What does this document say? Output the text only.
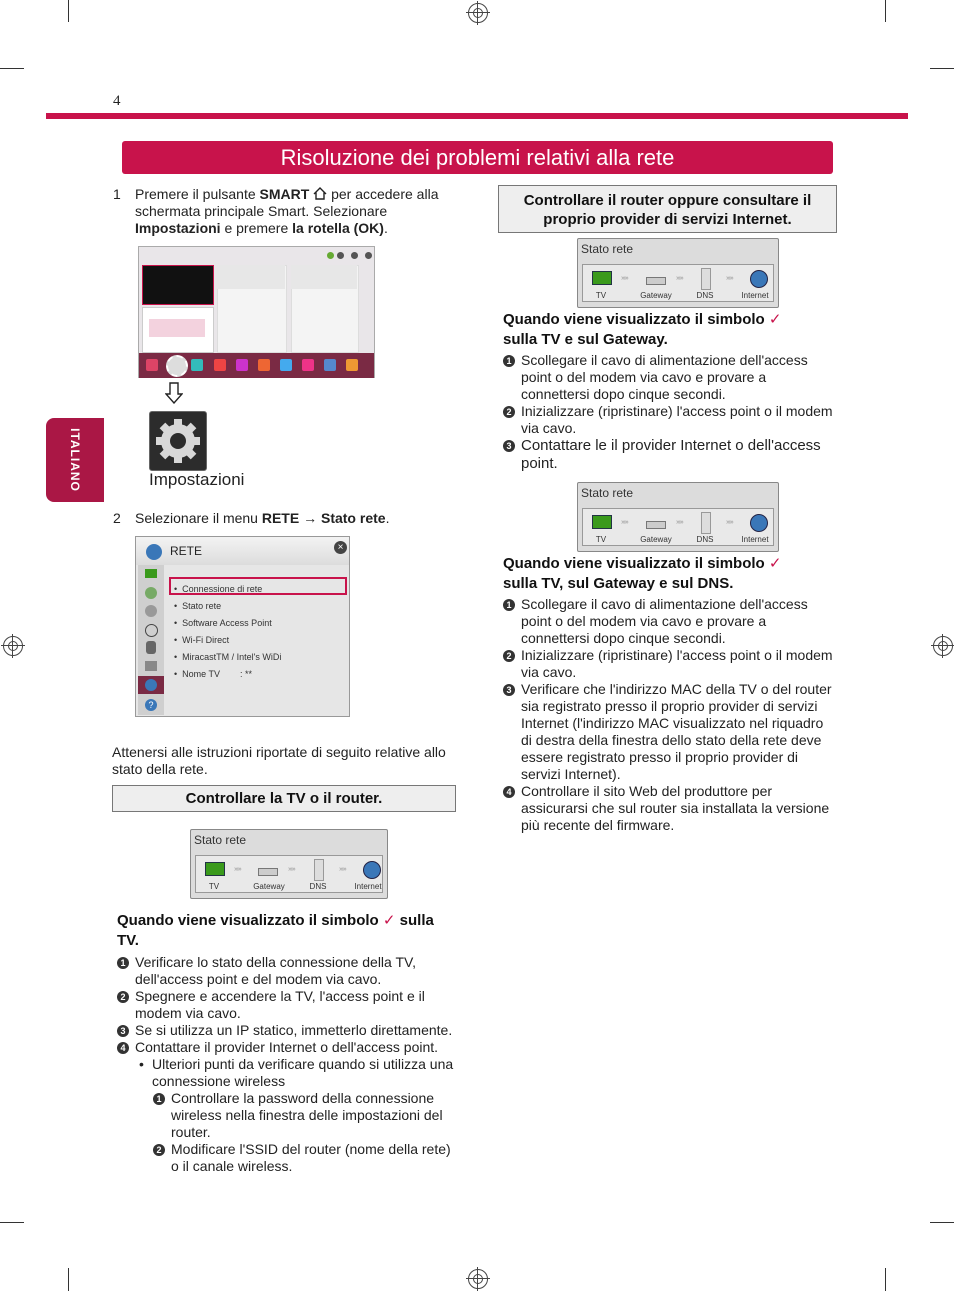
4
Risoluzione dei problemi relativi alla rete
ITALIANO
1	Premere il pulsante SMART  per accedere alla schermata principale Smart. Selezionare Impostazioni e premere la rotella (OK).
Impostazioni
2	Selezionare il menu RETE → Stato rete.
RETE	×
?
•  Connessione di rete
•  Stato rete
•  Software Access Point
•  Wi-Fi Direct
•  MiracastTM / Intel's WiDi
•  Nome TV        : **
Attenersi alle istruzioni riportate di seguito relative allo stato della rete.
Controllare la TV o il router.
Stato rete
›››››	›››››	›››››
TV	Gateway	DNS	Internet
Quando viene visualizzato il simbolo ✓ sulla
TV.
1 Verificare lo stato della connessione della TV, dell'access point e del modem via cavo.
2 Spegnere e accendere la TV, l'access point e il modem via cavo.
3 Se si utilizza un IP statico, immetterlo direttamente.
4 Contattare il provider Internet o dell'access point.
• Ulteriori punti da verificare quando si utilizza una connessione wireless
1 Controllare la password della connessione wireless nella finestra delle impostazioni del router.
2 Modificare l'SSID del router (nome della rete) o il canale wireless.
Controllare il router oppure consultare il proprio provider di servizi Internet.
Stato rete
›››››	›››››	›››››
TV	Gateway	DNS	Internet
Quando viene visualizzato il simbolo ✓
sulla TV e sul Gateway.
1 Scollegare il cavo di alimentazione dell'access point o del modem via cavo e provare a connettersi dopo cinque secondi.
2 Inizializzare (ripristinare) l'access point o il modem via cavo.
3 Contattare le il provider Internet o dell'access point.
Stato rete
›››››	›››››	›››››
TV	Gateway	DNS	Internet
Quando viene visualizzato il simbolo ✓
sulla TV, sul Gateway e sul DNS.
1 Scollegare il cavo di alimentazione dell'access point o del modem via cavo e provare a connettersi dopo cinque secondi.
2 Inizializzare (ripristinare) l'access point o il modem via cavo.
3 Verificare che l'indirizzo MAC della TV o del router sia registrato presso il proprio provider di servizi Internet (l'indirizzo MAC visualizzato nel riquadro di destra della finestra dello stato della rete deve essere registrato presso il proprio provider di servizi Internet).
4 Controllare il sito Web del produttore per assicurarsi che sul router sia installata la versione più recente del firmware.
